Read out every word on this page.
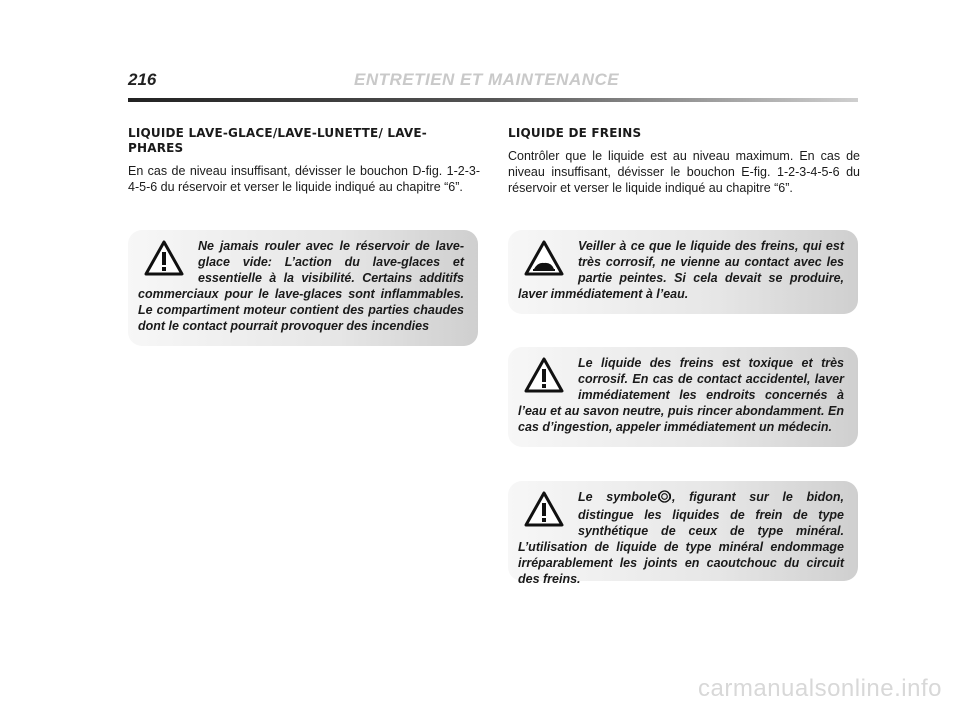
216	ENTRETIEN ET MAINTENANCE
LIQUIDE LAVE-GLACE/LAVE-LUNETTE/ LAVE-PHARES

En cas de niveau insuffisant, dévisser le bouchon D-fig. 1-2-3-4-5-6 du réservoir et verser le liquide indiqué au chapitre “6”.

Ne jamais rouler avec le réservoir de lave-glace vide: L’action du lave-glaces et essentielle à la visibilité. Certains additifs commerciaux pour le lave-glaces sont inflammables. Le compartiment moteur contient des parties chaudes dont le contact pourrait provoquer des incendies

LIQUIDE DE FREINS

Contrôler que le liquide est au niveau maximum. En cas de niveau insuffisant, dévisser le bouchon E-fig. 1-2-3-4-5-6 du réservoir et verser le liquide indiqué au chapitre “6”.

Veiller à ce que le liquide des freins, qui est très corrosif, ne vienne au contact avec les partie peintes. Si cela devait se produire, laver immédiatement à l’eau.

Le liquide des freins est toxique et très corrosif. En cas de contact accidentel, laver immédiatement les endroits concernés à l’eau et au savon neutre, puis rincer abondamment. En cas d’ingestion, appeler immédiatement un médecin.

Le symbole , figurant sur le bidon, distingue les liquides de frein de type synthétique de ceux de type minéral. L’utilisation de liquide de type minéral endommage irréparablement les joints en caoutchouc du circuit des freins.

carmanualsonline.info
